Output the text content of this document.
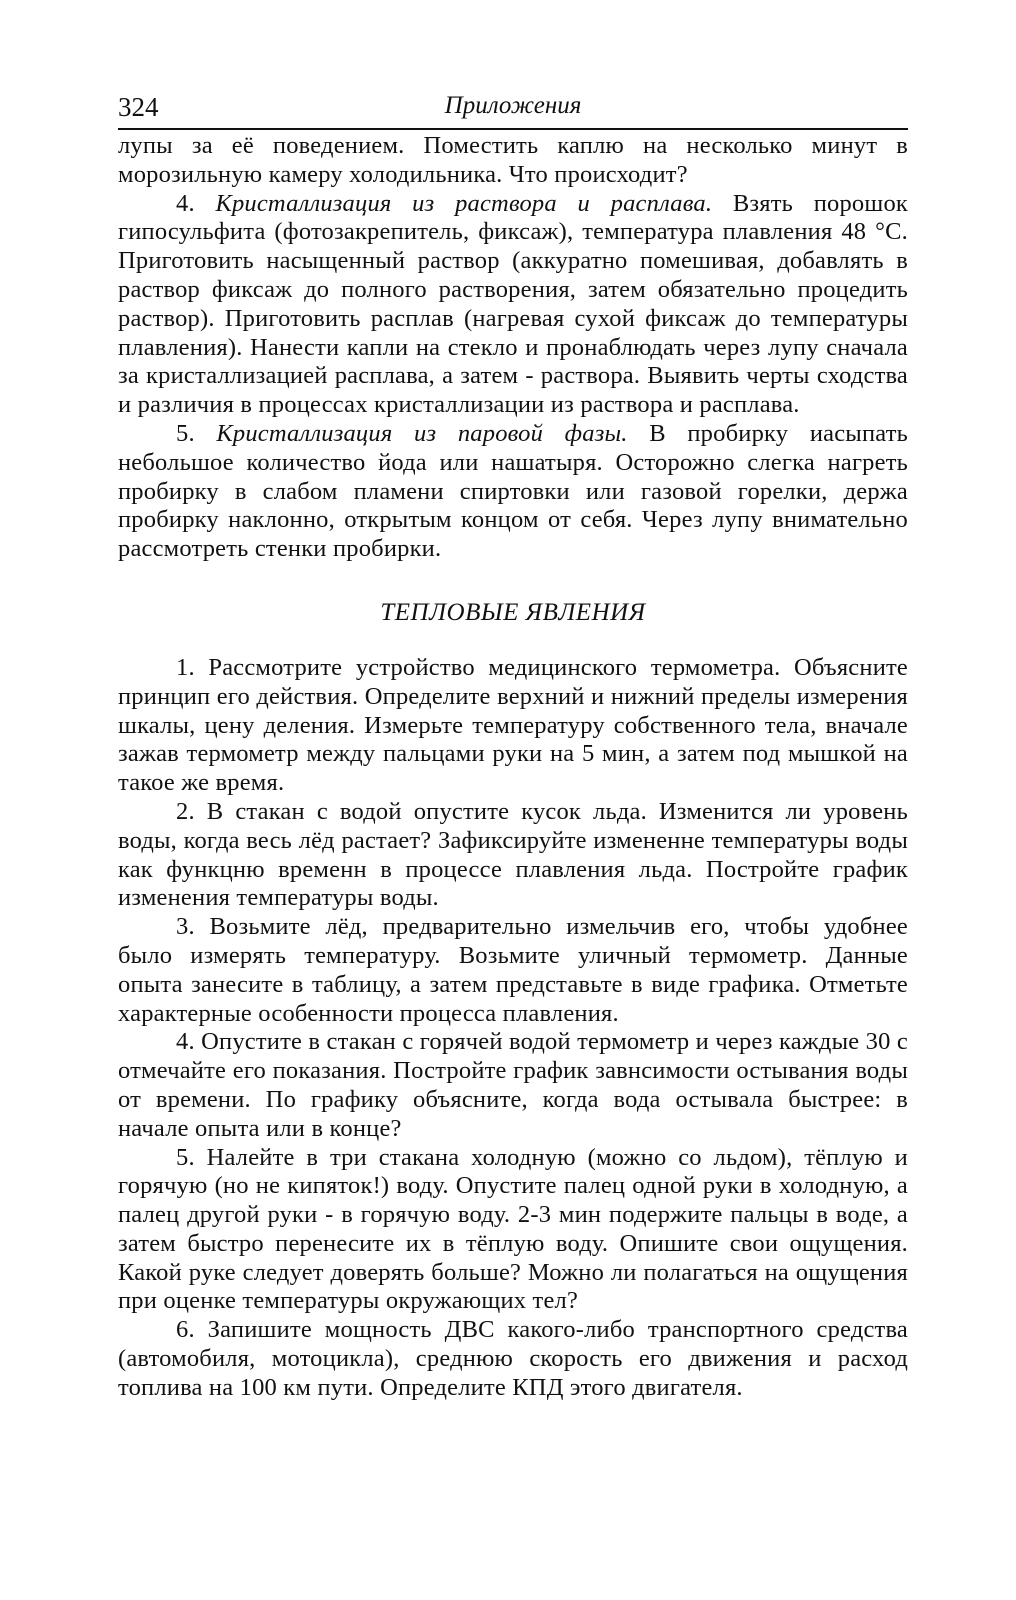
324	Приложения

лупы за её поведением. Поместить каплю на несколько минут в морозильную камеру холодильника. Что происходит?

4. Кристаллизация из раствора и расплава. Взять порошок гипосульфита (фотозакрепитель, фиксаж), температура плавления 48 °С. Приготовить насыщенный раствор (аккуратно помешивая, добавлять в раствор фиксаж до полного растворения, затем обязательно процедить раствор). Приготовить расплав (нагревая сухой фиксаж до температуры плавления). Нанести капли на стекло и пронаблюдать через лупу сначала за кристаллизацией расплава, а затем - раствора. Выявить черты сходства и различия в процессах кристаллизации из раствора и расплава.

5. Кристаллизация из паровой фазы. В пробирку иасыпать небольшое количество йода или нашатыря. Осторожно слегка нагреть пробирку в слабом пламени спиртовки или газовой горелки, держа пробирку наклонно, открытым концом от себя. Через лупу внимательно рассмотреть стенки пробирки.

ТЕПЛОВЫЕ ЯВЛЕНИЯ

1. Рассмотрите устройство медицинского термометра. Объясните принцип его действия. Определите верхний и нижний пределы измерения шкалы, цену деления. Измерьте температуру собственного тела, вначале зажав термометр между пальцами руки на 5 мин, а затем под мышкой на такое же время.

2. В стакан с водой опустите кусок льда. Изменится ли уровень воды, когда весь лёд растает? Зафиксируйте измененне температуры воды как функцню временн в процессе плавления льда. Постройте график изменения температуры воды.

3. Возьмите лёд, предварительно измельчив его, чтобы удобнее было измерять температуру. Возьмите уличный термометр. Данные опыта занесите в таблицу, а затем представьте в виде графика. Отметьте характерные особенности процесса плавления.

4. Опустите в стакан с горячей водой термометр и через каждые 30 с отмечайте его показания. Постройте график завнсимости остывания воды от времени. По графику объясните, когда вода остывала быстрее: в начале опыта или в конце?

5. Налейте в три стакана холодную (можно со льдом), тёплую и горячую (но не кипяток!) воду. Опустите палец одной руки в холодную, а палец другой руки - в горячую воду. 2-3 мин подержите пальцы в воде, а затем быстро перенесите их в тёплую воду. Опишите свои ощущения. Какой руке следует доверять больше? Можно ли полагаться на ощущения при оценке температуры окружающих тел?

6. Запишите мощность ДВС какого-либо транспортного средства (автомобиля, мотоцикла), среднюю скорость его движения и расход топлива на 100 км пути. Определите КПД этого двигателя.
